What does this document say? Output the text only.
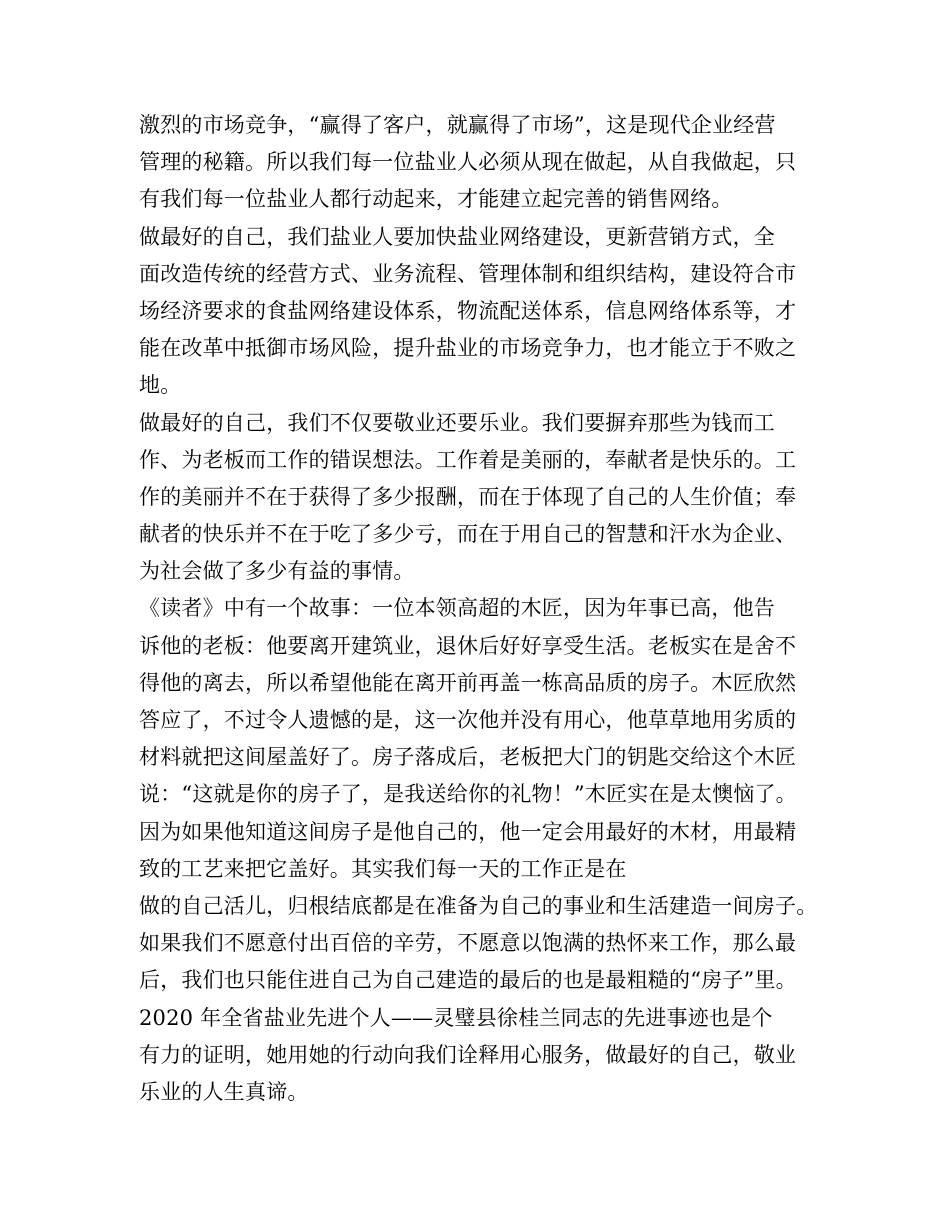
激烈的市场竞争，“赢得了客户，就赢得了市场”，这是现代企业经营
管理的秘籍。所以我们每一位盐业人必须从现在做起，从自我做起，只
有我们每一位盐业人都行动起来，才能建立起完善的销售网络。
做最好的自己，我们盐业人要加快盐业网络建设，更新营销方式，全
面改造传统的经营方式、业务流程、管理体制和组织结构，建设符合市
场经济要求的食盐网络建设体系，物流配送体系，信息网络体系等，才
能在改革中抵御市场风险，提升盐业的市场竞争力，也才能立于不败之
地。
做最好的自己，我们不仅要敬业还要乐业。我们要摒弃那些为钱而工
作、为老板而工作的错误想法。工作着是美丽的，奉献者是快乐的。工
作的美丽并不在于获得了多少报酬，而在于体现了自己的人生价值；奉
献者的快乐并不在于吃了多少亏，而在于用自己的智慧和汗水为企业、
为社会做了多少有益的事情。
《读者》中有一个故事：一位本领高超的木匠，因为年事已高，他告
诉他的老板：他要离开建筑业，退休后好好享受生活。老板实在是舍不
得他的离去，所以希望他能在离开前再盖一栋高品质的房子。木匠欣然
答应了，不过令人遗憾的是，这一次他并没有用心，他草草地用劣质的
材料就把这间屋盖好了。房子落成后，老板把大门的钥匙交给这个木匠
说：“这就是你的房子了，是我送给你的礼物！”木匠实在是太懊恼了。
因为如果他知道这间房子是他自己的，他一定会用最好的木材，用最精
致的工艺来把它盖好。其实我们每一天的工作正是在
做的自己活儿，归根结底都是在准备为自己的事业和生活建造一间房子。
如果我们不愿意付出百倍的辛劳，不愿意以饱满的热怀来工作，那么最
后，我们也只能住进自己为自己建造的最后的也是最粗糙的“房子”里。
2020 年全省盐业先进个人——灵璧县徐桂兰同志的先进事迹也是个
有力的证明，她用她的行动向我们诠释用心服务，做最好的自己，敬业
乐业的人生真谛。
